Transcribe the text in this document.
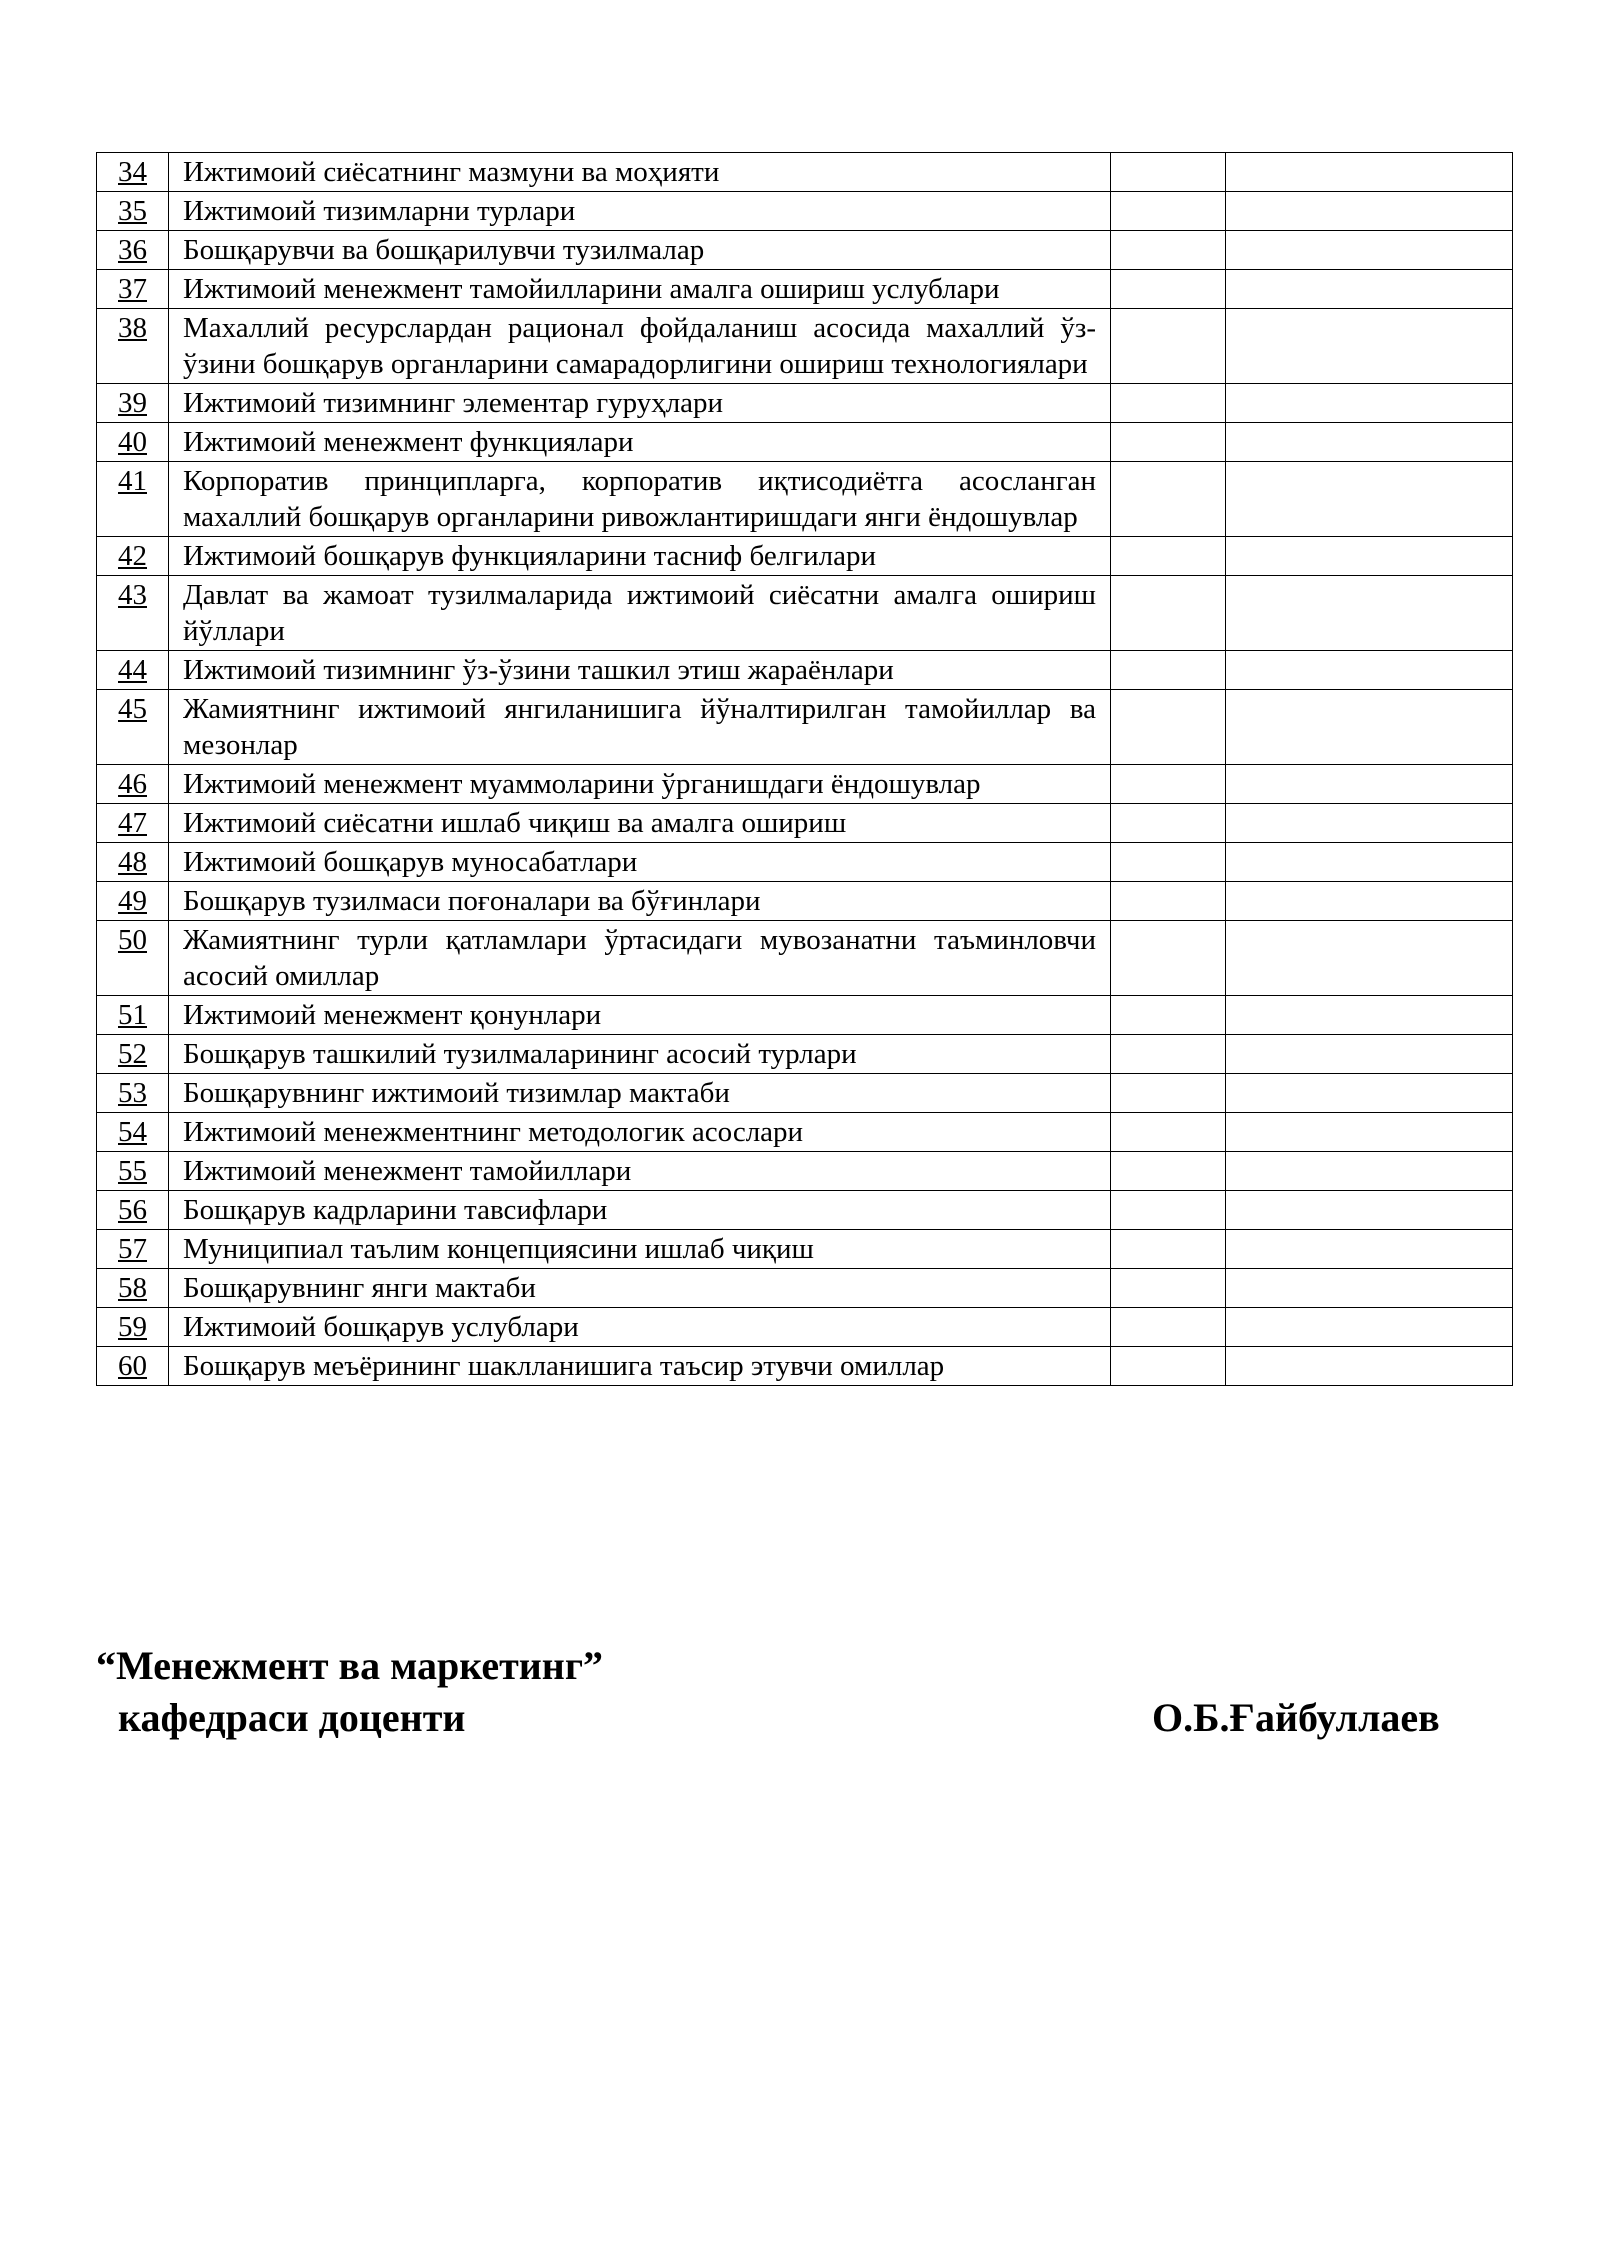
34	Ижтимоий сиёсатнинг мазмуни ва моҳияти		
35	Ижтимоий тизимларни турлари		
36	Бошқарувчи ва бошқарилувчи тузилмалар		
37	Ижтимоий менежмент тамойилларини амалга ошириш услублари		
38	Махаллий ресурслардан рационал фойдаланиш асосида махаллий ўз-ўзини бошқарув органларини самарадорлигини ошириш технологиялари		
39	Ижтимоий тизимнинг элементар гуруҳлари		
40	Ижтимоий менежмент функциялари		
41	Корпоратив принципларга, корпоратив иқтисодиётга асосланган махаллий бошқарув органларини ривожлантиришдаги янги ёндошувлар		
42	Ижтимоий бошқарув функцияларини тасниф белгилари		
43	Давлат ва жамоат тузилмаларида ижтимоий сиёсатни амалга ошириш йўллари		
44	Ижтимоий тизимнинг ўз-ўзини ташкил этиш жараёнлари		
45	Жамиятнинг ижтимоий янгиланишига йўналтирилган тамойиллар ва мезонлар		
46	Ижтимоий менежмент муаммоларини ўрганишдаги ёндошувлар		
47	Ижтимоий сиёсатни ишлаб чиқиш ва амалга ошириш		
48	Ижтимоий бошқарув муносабатлари		
49	Бошқарув тузилмаси поғоналари ва бўғинлари		
50	Жамиятнинг турли қатламлари ўртасидаги мувозанатни таъминловчи асосий омиллар		
51	Ижтимоий менежмент қонунлари		
52	Бошқарув ташкилий тузилмаларининг асосий турлари		
53	Бошқарувнинг ижтимоий тизимлар мактаби		
54	Ижтимоий менежментнинг методологик асослари		
55	Ижтимоий менежмент тамойиллари		
56	Бошқарув кадрларини тавсифлари		
57	Муниципиал таълим концепциясини ишлаб чиқиш		
58	Бошқарувнинг янги мактаби		
59	Ижтимоий бошқарув услублари		
60	Бошқарув меъёрининг шаклланишига таъсир этувчи омиллар		
“Менежмент ва маркетинг”
кафедраси доценти	О.Б.Ғайбуллаев
